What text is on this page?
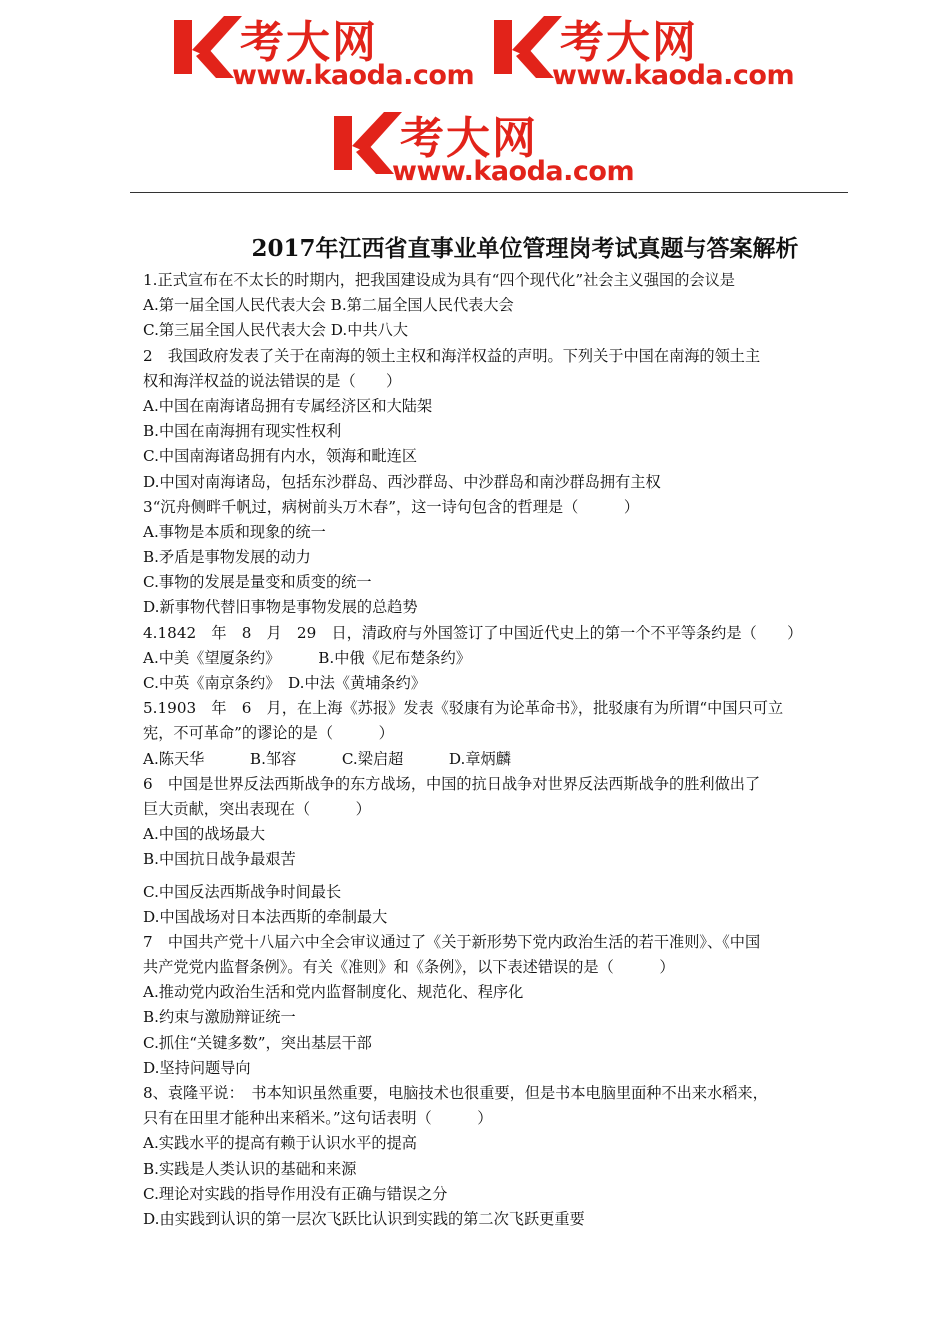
考大网
www.kaoda.com
考大网
www.kaoda.com
考大网
www.kaoda.com
2017年江西省直事业单位管理岗考试真题与答案解析
1.正式宣布在不太长的时期内，把我国建设成为具有“四个现代化”社会主义强国的会议是
A.第一届全国人民代表大会 B.第二届全国人民代表大会
C.第三届全国人民代表大会 D.中共八大
2　我国政府发表了关于在南海的领土主权和海洋权益的声明。下列关于中国在南海的领土主
权和海洋权益的说法错误的是（　　）
A.中国在南海诸岛拥有专属经济区和大陆架
B.中国在南海拥有现实性权利
C.中国南海诸岛拥有内水，领海和毗连区
D.中国对南海诸岛，包括东沙群岛、西沙群岛、中沙群岛和南沙群岛拥有主权
3“沉舟侧畔千帆过，病树前头万木春”，这一诗句包含的哲理是（　　　）
A.事物是本质和现象的统一
B.矛盾是事物发展的动力
C.事物的发展是量变和质变的统一
D.新事物代替旧事物是事物发展的总趋势
4.1842　年　8　月　29　日，清政府与外国签订了中国近代史上的第一个不平等条约是（　　）
A.中美《望厦条约》　　　B.中俄《尼布楚条约》
C.中英《南京条约》　D.中法《黄埔条约》
5.1903　年　6　月，在上海《苏报》发表《驳康有为论革命书》，批驳康有为所谓“中国只可立
宪，不可革命”的谬论的是（　　　）
A.陈天华　　　B.邹容　　　C.梁启超　　　D.章炳麟
6　中国是世界反法西斯战争的东方战场，中国的抗日战争对世界反法西斯战争的胜利做出了
巨大贡献，突出表现在（　　　）
A.中国的战场最大
B.中国抗日战争最艰苦
C.中国反法西斯战争时间最长
D.中国战场对日本法西斯的牵制最大
7　中国共产党十八届六中全会审议通过了《关于新形势下党内政治生活的若干准则》、《中国
共产党党内监督条例》。有关《准则》和《条例》，以下表述错误的是（　　　）
A.推动党内政治生活和党内监督制度化、规范化、程序化
B.约束与激励辩证统一
C.抓住“关键多数”，突出基层干部
D.坚持问题导向
8、袁隆平说：　书本知识虽然重要，电脑技术也很重要，但是书本电脑里面种不出来水稻来，
只有在田里才能种出来稻米。”这句话表明（　　　）
A.实践水平的提高有赖于认识水平的提高
B.实践是人类认识的基础和来源
C.理论对实践的指导作用没有正确与错误之分
D.由实践到认识的第一层次飞跃比认识到实践的第二次飞跃更重要
